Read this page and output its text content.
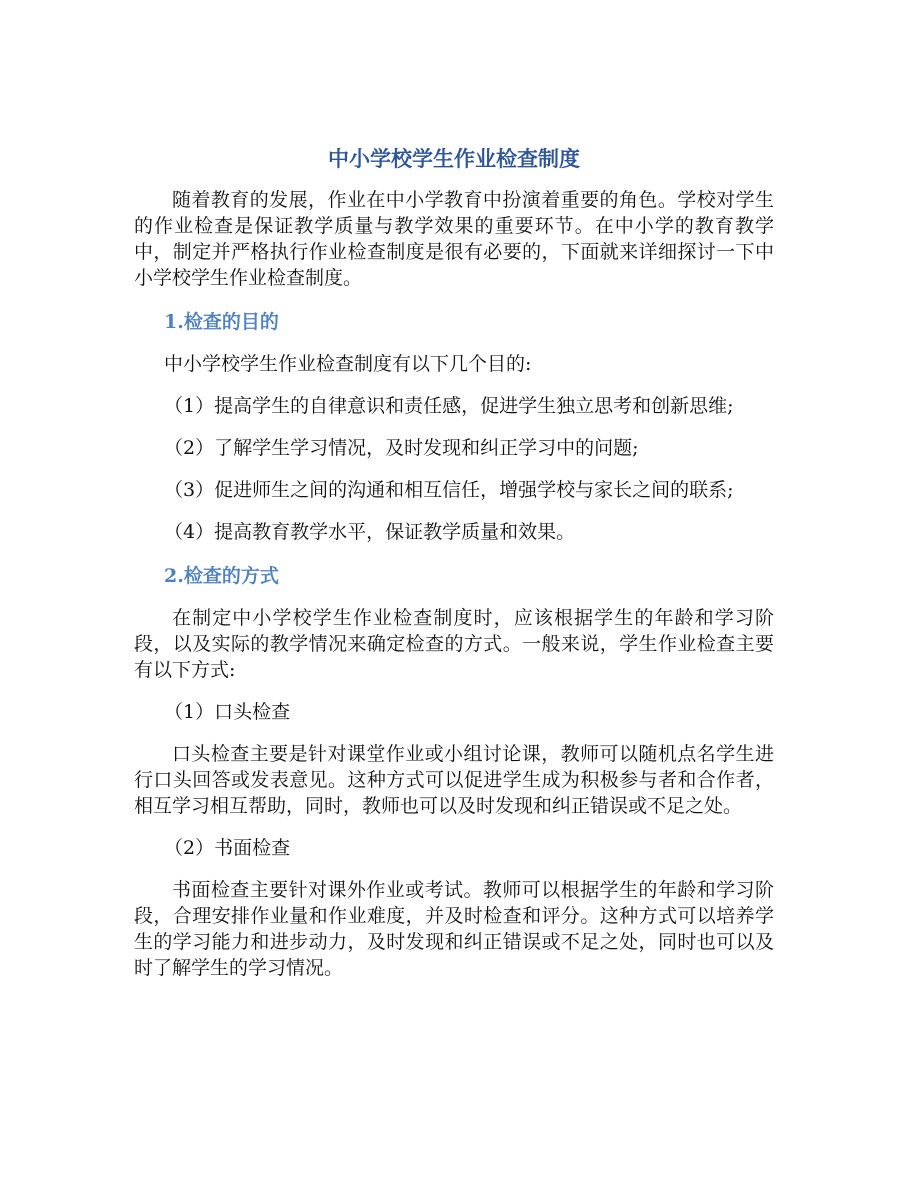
中小学校学生作业检查制度

随着教育的发展，作业在中小学教育中扮演着重要的角色。学校对学生的作业检查是保证教学质量与教学效果的重要环节。在中小学的教育教学中，制定并严格执行作业检查制度是很有必要的，下面就来详细探讨一下中小学校学生作业检查制度。

1.检查的目的

中小学校学生作业检查制度有以下几个目的:

（1）提高学生的自律意识和责任感，促进学生独立思考和创新思维;

（2）了解学生学习情况，及时发现和纠正学习中的问题;

（3）促进师生之间的沟通和相互信任，增强学校与家长之间的联系;

（4）提高教育教学水平，保证教学质量和效果。

2.检查的方式

在制定中小学校学生作业检查制度时，应该根据学生的年龄和学习阶段，以及实际的教学情况来确定检查的方式。一般来说，学生作业检查主要有以下方式:

（1）口头检查

口头检查主要是针对课堂作业或小组讨论课，教师可以随机点名学生进行口头回答或发表意见。这种方式可以促进学生成为积极参与者和合作者，相互学习相互帮助，同时，教师也可以及时发现和纠正错误或不足之处。

（2）书面检查

书面检查主要针对课外作业或考试。教师可以根据学生的年龄和学习阶段，合理安排作业量和作业难度，并及时检查和评分。这种方式可以培养学生的学习能力和进步动力，及时发现和纠正错误或不足之处，同时也可以及时了解学生的学习情况。
